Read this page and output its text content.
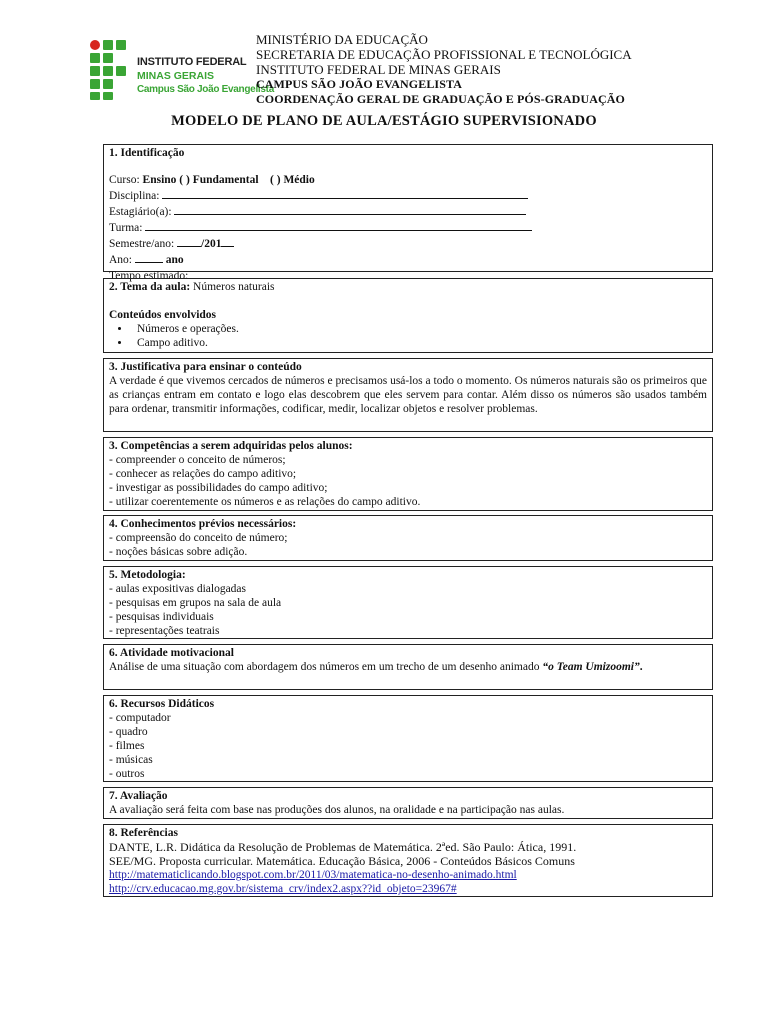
INSTITUTO FEDERAL
MINAS GERAIS
Campus São João Evangelista
MINISTÉRIO DA EDUCAÇÃO
SECRETARIA DE EDUCAÇÃO PROFISSIONAL E TECNOLÓGICA
INSTITUTO FEDERAL DE MINAS GERAIS
CAMPUS SÃO JOÃO EVANGELISTA
COORDENAÇÃO GERAL DE GRADUAÇÃO E PÓS-GRADUAÇÃO
MODELO DE PLANO DE AULA/ESTÁGIO SUPERVISIONADO
1. Identificação
Curso: Ensino ( ) Fundamental ( ) Médio
Disciplina:
Estagiário(a):
Turma:
Semestre/ano: /201
Ano:	ano
Tempo estimado:
2. Tema da aula: Números naturais
Conteúdos envolvidos
• Números e operações.
• Campo aditivo.
3. Justificativa para ensinar o conteúdo
A verdade é que vivemos cercados de números e precisamos usá-los a todo o momento. Os números naturais são os primeiros que as crianças entram em contato e logo elas descobrem que eles servem para contar. Além disso os números são usados também para ordenar, transmitir informações, codificar, medir, localizar objetos e resolver problemas.
3. Competências a serem adquiridas pelos alunos:
- compreender o conceito de números;
- conhecer as relações do campo aditivo;
- investigar as possibilidades do campo aditivo;
- utilizar coerentemente os números e as relações do campo aditivo.
4. Conhecimentos prévios necessários:
- compreensão do conceito de número;
- noções básicas sobre adição.
5. Metodologia:
- aulas expositivas dialogadas
- pesquisas em grupos na sala de aula
- pesquisas individuais
- representações teatrais
6. Atividade motivacional
Análise de uma situação com abordagem dos números em um trecho de um desenho animado “o Team Umizoomi”.
6. Recursos Didáticos
- computador
- quadro
- filmes
- músicas
- outros
7. Avaliação
A avaliação será feita com base nas produções dos alunos, na oralidade e na participação nas aulas.
8. Referências
DANTE, L.R. Didática da Resolução de Problemas de Matemática. 2ªed. São Paulo: Ática, 1991.
SEE/MG. Proposta curricular. Matemática. Educação Básica, 2006 - Conteúdos Básicos Comuns
http://matematiclicando.blogspot.com.br/2011/03/matematica-no-desenho-animado.html
http://crv.educacao.mg.gov.br/sistema_crv/index2.aspx??id_objeto=23967#
